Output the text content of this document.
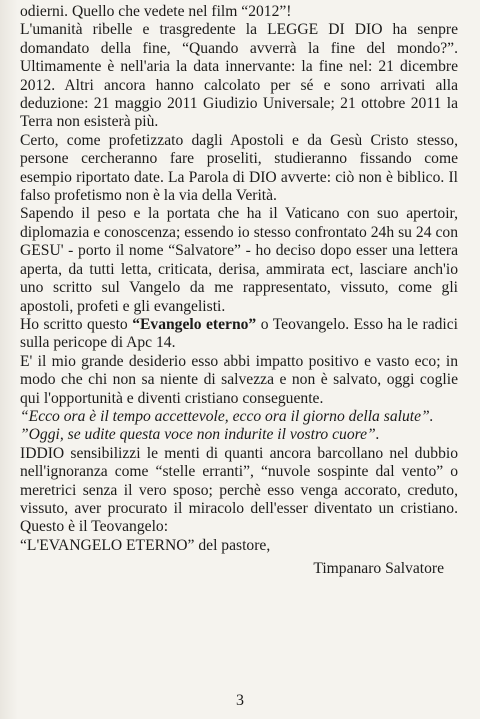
odierni. Quello che vedete nel film “2012”!

L'umanità ribelle e trasgredente la LEGGE DI DIO ha senpre domandato della fine, “Quando avverrà la fine del mondo?”. Ultimamente è nell'aria la data innervante: la fine nel: 21 dicembre 2012. Altri ancora hanno calcolato per sé e sono arrivati alla deduzione: 21 maggio 2011 Giudizio Universale; 21 ottobre 2011 la Terra non esisterà più.

Certo, come profetizzato dagli Apostoli e da Gesù Cristo stesso, persone cercheranno fare proseliti, studieranno fissando come esempio riportato date. La Parola di DIO avverte: ciò non è biblico. Il falso profetismo non è la via della Verità.

Sapendo il peso e la portata che ha il Vaticano con suo apertoir, diplomazia e conoscenza; essendo io stesso confrontato 24h su 24 con GESU' - porto il nome “Salvatore” - ho deciso dopo esser una lettera aperta, da tutti letta, criticata, derisa, ammirata ect, lasciare anch'io uno scritto sul Vangelo da me rappresentato, vissuto, come gli apostoli, profeti e gli evangelisti.

Ho scritto questo “Evangelo eterno” o Teovangelo. Esso ha le radici sulla pericope di Apc 14.

E' il mio grande desiderio esso abbi impatto positivo e vasto eco; in modo che chi non sa niente di salvezza e non è salvato, oggi coglie qui l'opportunità e diventi cristiano conseguente.

“Ecco ora è il tempo accettevole, ecco ora il giorno della salute”.

”Oggi, se udite questa voce non indurite il vostro cuore”.

IDDIO sensibilizzi le menti di quanti ancora barcollano nel dubbio nell'ignoranza come “stelle erranti”, “nuvole sospinte dal vento” o meretrici senza il vero sposo; perchè esso venga accorato, creduto, vissuto, aver procurato il miracolo dell'esser diventato un cristiano. Questo è il Teovangelo:

“L'EVANGELO ETERNO” del pastore,

Timpanaro Salvatore
3
